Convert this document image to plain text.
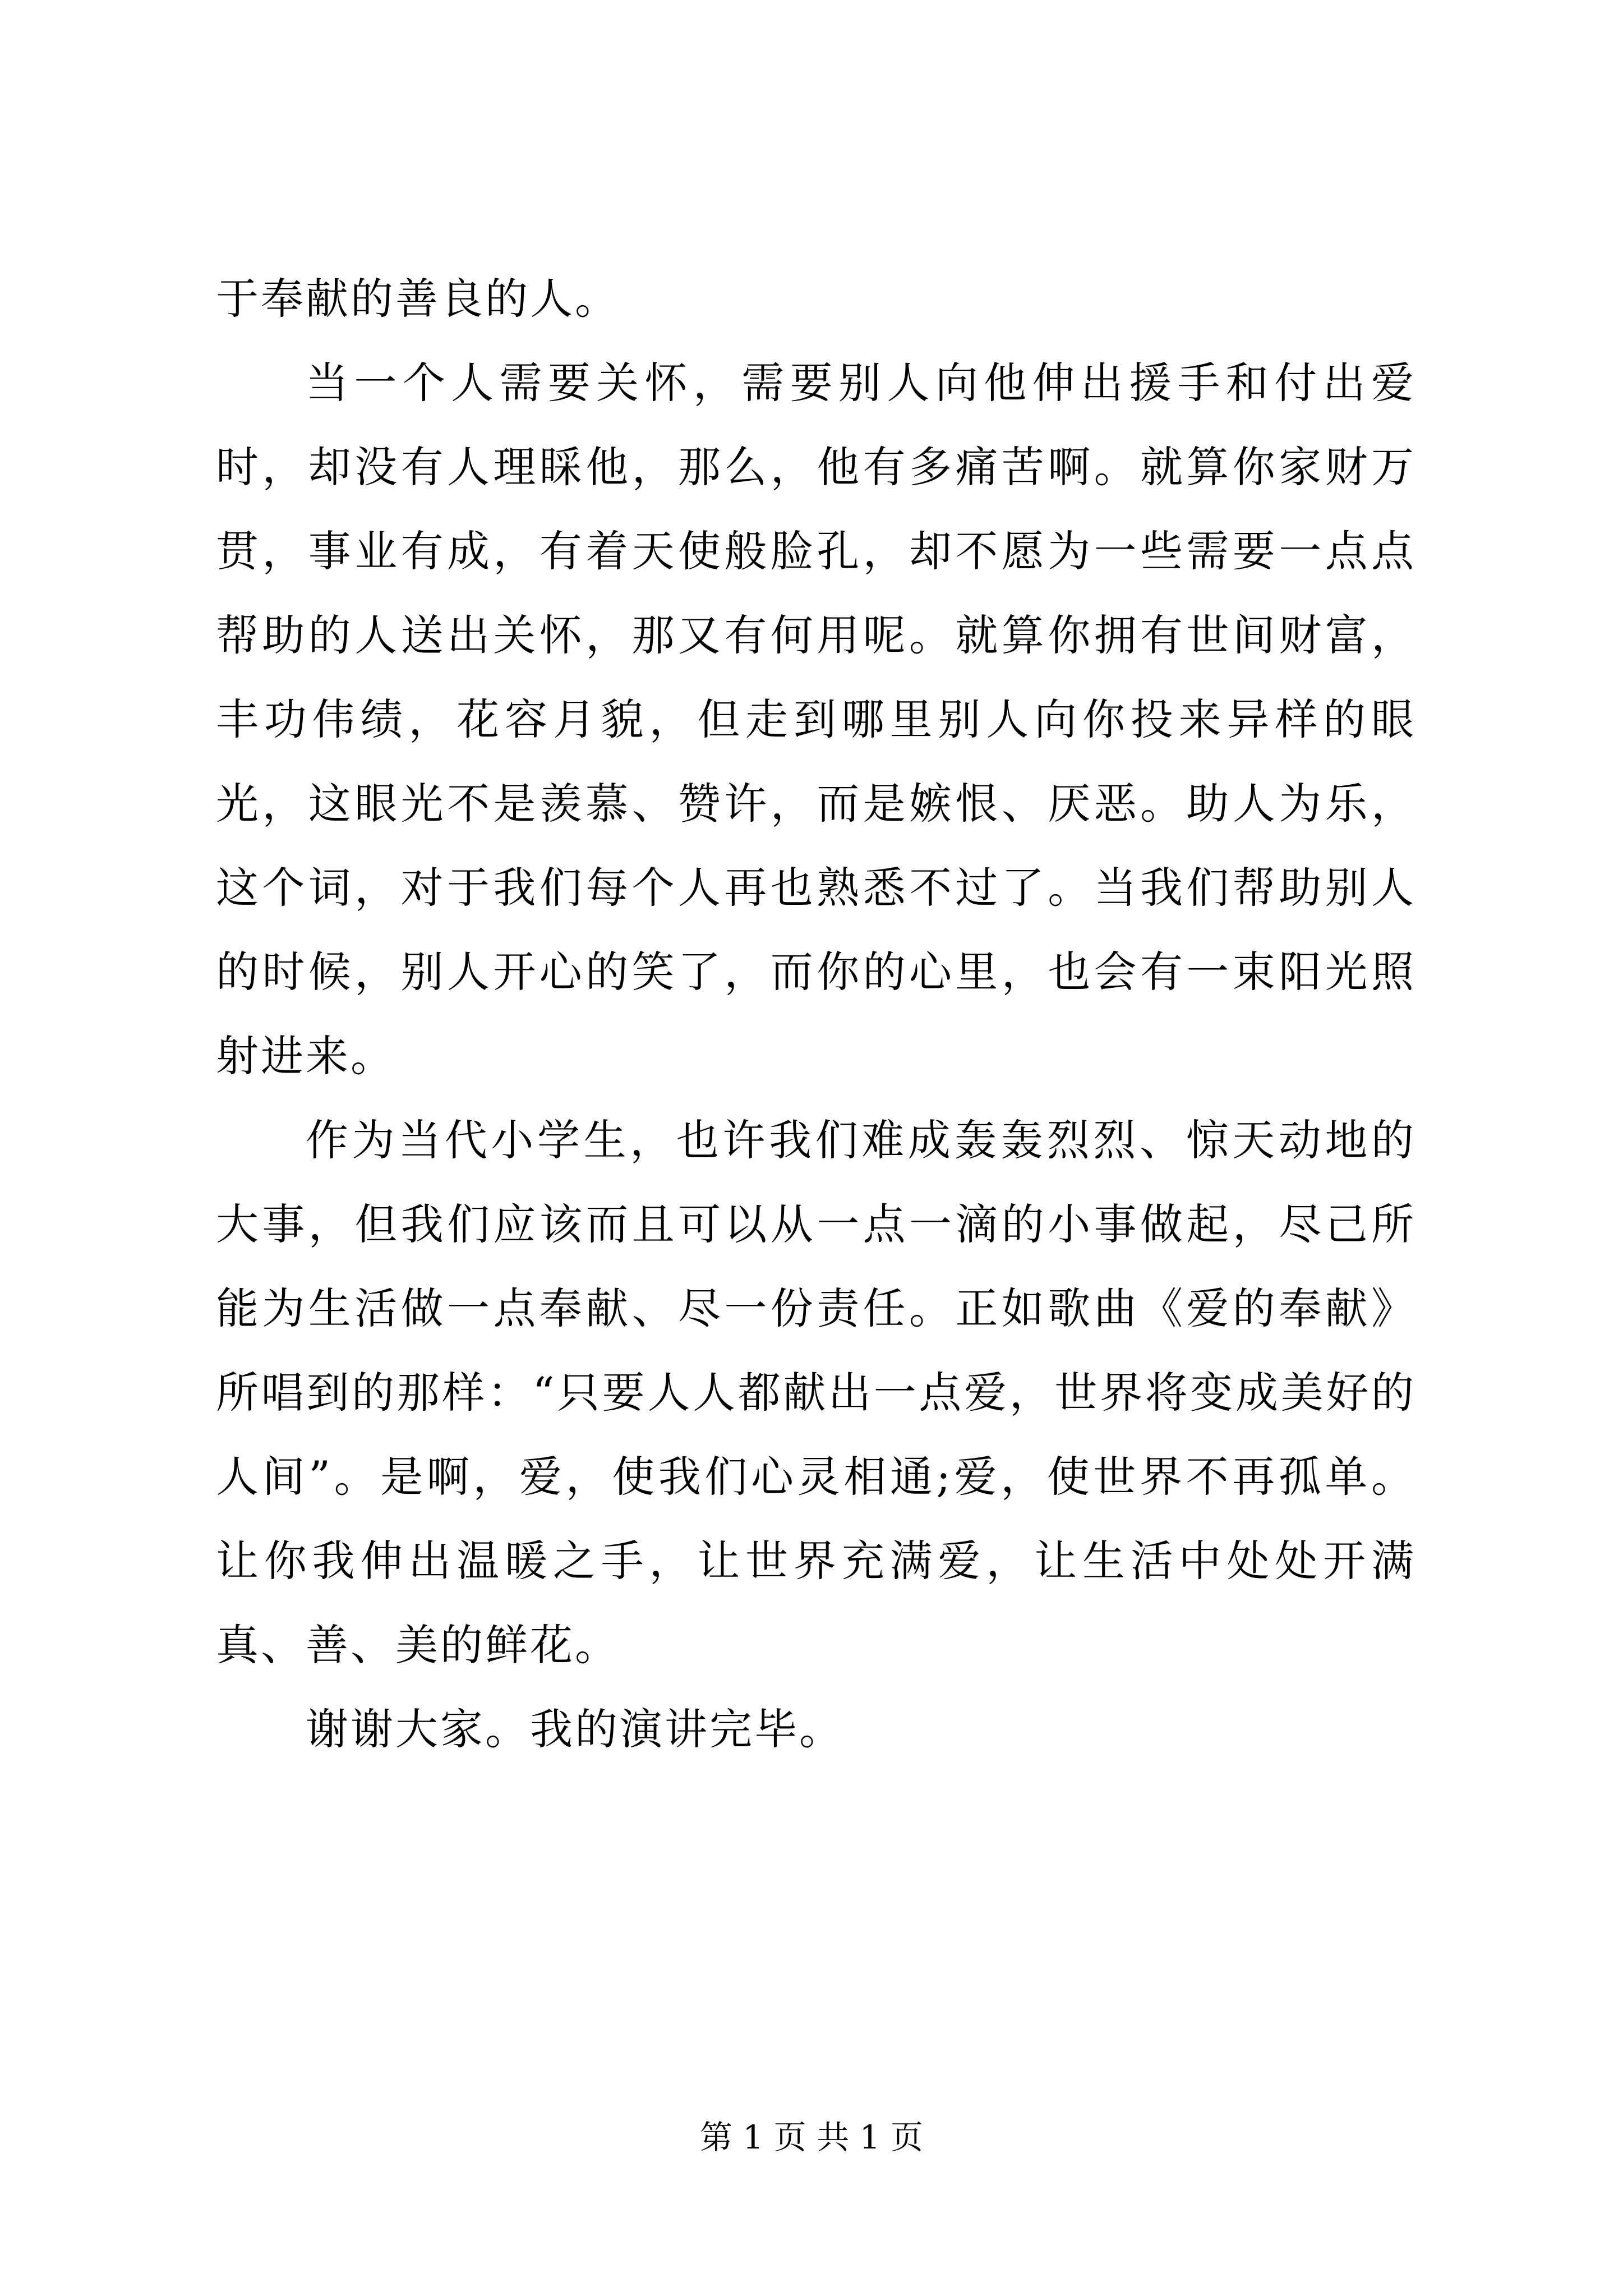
于奉献的善良的人。

当一个人需要关怀，需要别人向他伸出援手和付出爱时，却没有人理睬他，那么，他有多痛苦啊。就算你家财万贯，事业有成，有着天使般脸孔，却不愿为一些需要一点点帮助的人送出关怀，那又有何用呢。就算你拥有世间财富，丰功伟绩，花容月貌，但走到哪里别人向你投来异样的眼光，这眼光不是羡慕、赞许，而是嫉恨、厌恶。助人为乐，这个词，对于我们每个人再也熟悉不过了。当我们帮助别人的时候，别人开心的笑了，而你的心里，也会有一束阳光照射进来。

作为当代小学生，也许我们难成轰轰烈烈、惊天动地的大事，但我们应该而且可以从一点一滴的小事做起，尽己所能为生活做一点奉献、尽一份责任。正如歌曲《爱的奉献》所唱到的那样：“只要人人都献出一点爱，世界将变成美好的人间”。是啊，爱，使我们心灵相通;爱，使世界不再孤单。让你我伸出温暖之手，让世界充满爱，让生活中处处开满真、善、美的鲜花。

谢谢大家。我的演讲完毕。

第 1 页 共 1 页
